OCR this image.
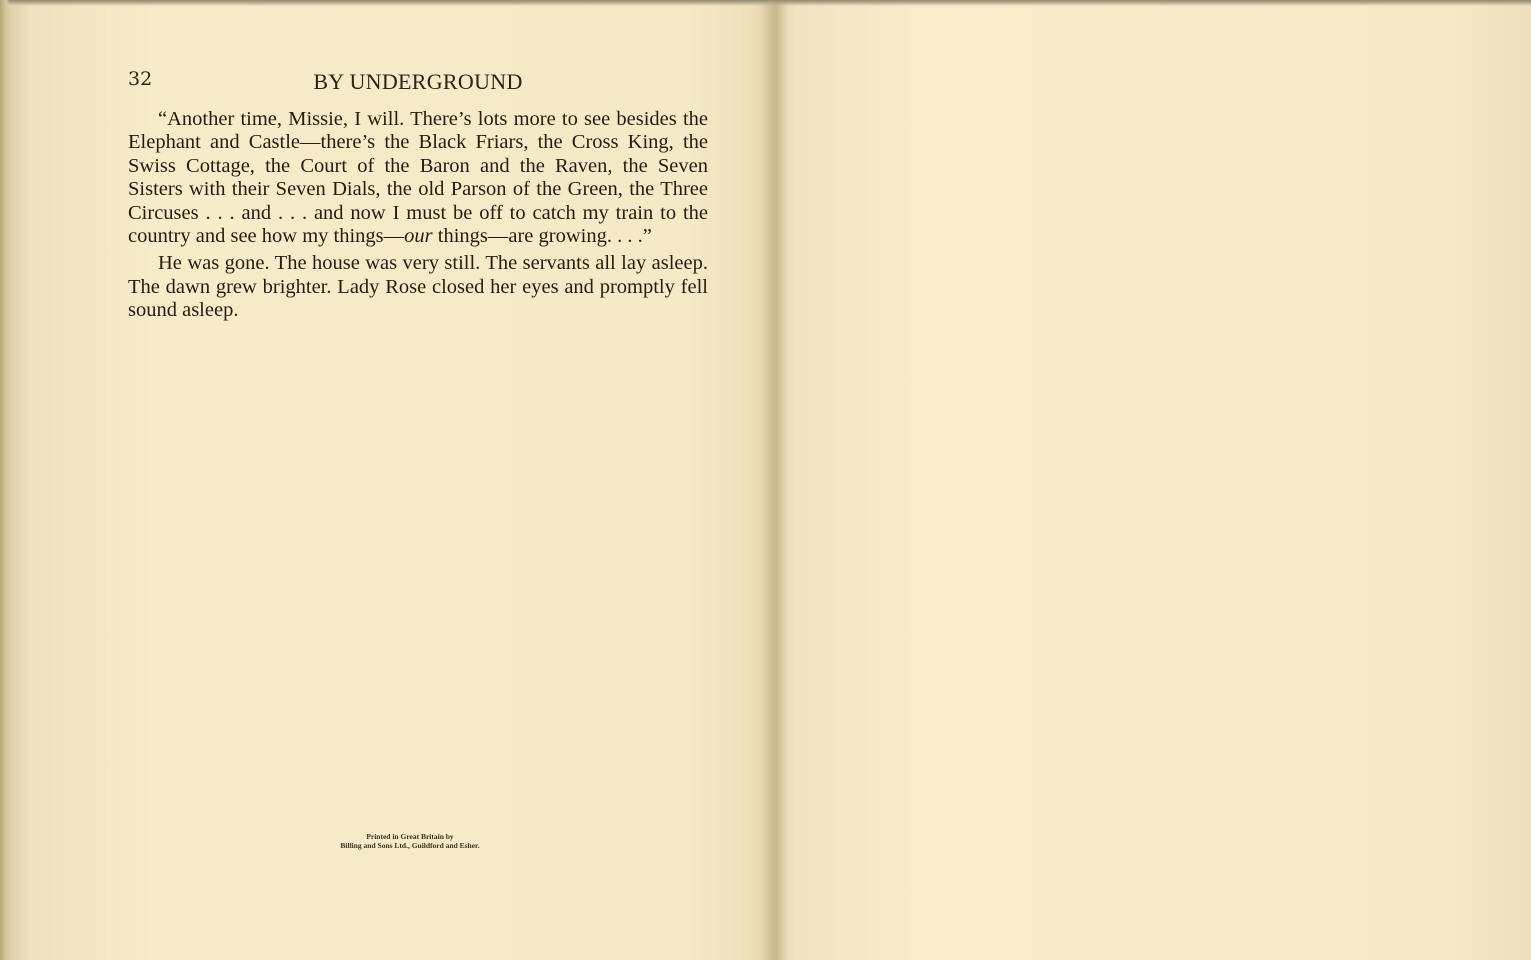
32	BY UNDERGROUND

“Another time, Missie, I will. There’s lots more to see besides the Elephant and Castle—there’s the Black Friars, the Cross King, the Swiss Cottage, the Court of the Baron and the Raven, the Seven Sisters with their Seven Dials, the old Parson of the Green, the Three Circuses . . . and . . . and now I must be off to catch my train to the country and see how my things—our things—are growing. . . .”

He was gone. The house was very still. The servants all lay asleep. The dawn grew brighter. Lady Rose closed her eyes and promptly fell sound asleep.

Printed in Great Britain by
Billing and Sons Ltd., Guildford and Esher.
